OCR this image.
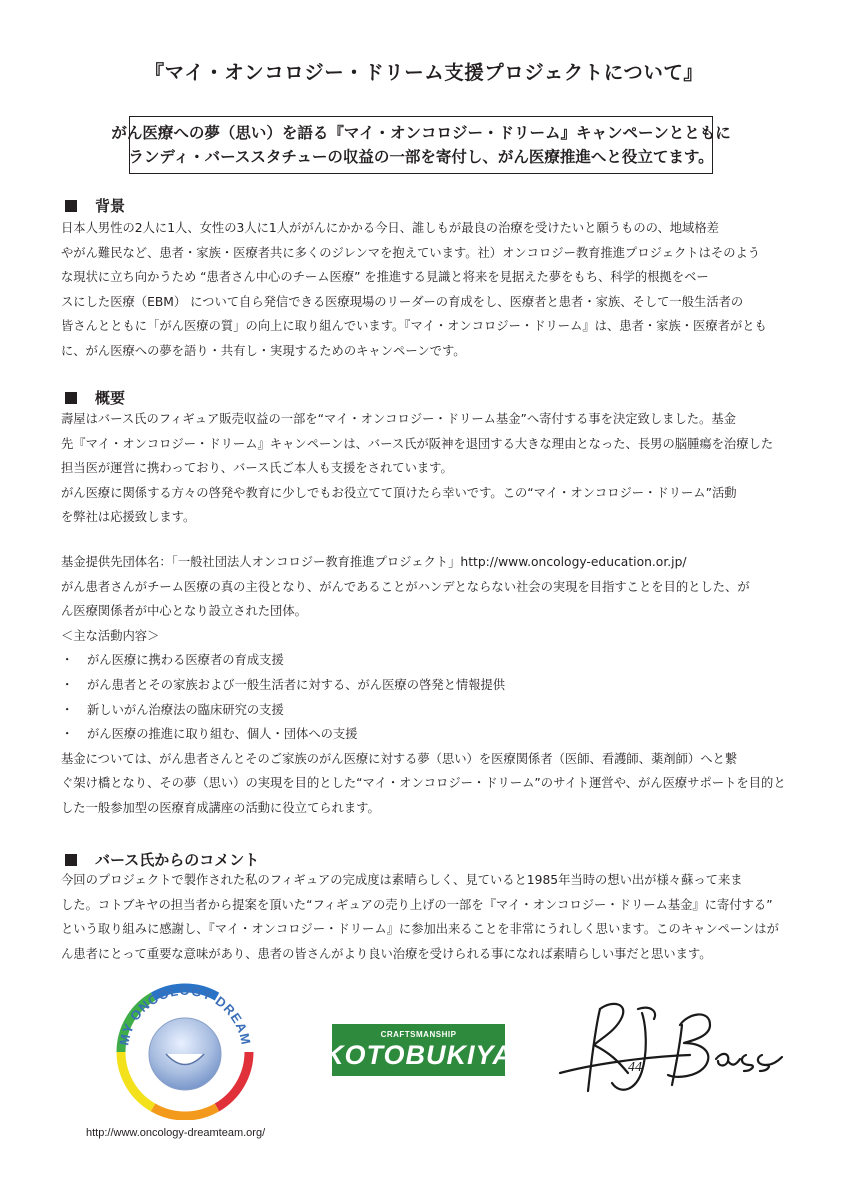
『マイ・オンコロジー・ドリーム支援プロジェクトについて』
がん医療への夢（思い）を語る『マイ・オンコロジー・ドリーム』キャンペーンとともに
ランディ・バーススタチューの収益の一部を寄付し、がん医療推進へと役立てます。
背景
日本人男性の2人に1人、女性の3人に1人ががんにかかる今日、誰しもが最良の治療を受けたいと願うものの、地域格差
やがん難民など、患者・家族・医療者共に多くのジレンマを抱えています。社）オンコロジー教育推進プロジェクトはそのよう
な現状に立ち向かうため “患者さん中心のチーム医療” を推進する見識と将来を見据えた夢をもち、科学的根拠をベー
スにした医療（EBM） について自ら発信できる医療現場のリーダーの育成をし、医療者と患者・家族、そして一般生活者の
皆さんとともに「がん医療の質」の向上に取り組んでいます。『マイ・オンコロジー・ドリーム』は、患者・家族・医療者がとも
に、がん医療への夢を語り・共有し・実現するためのキャンペーンです。
概要
壽屋はバース氏のフィギュア販売収益の一部を“マイ・オンコロジー・ドリーム基金”へ寄付する事を決定致しました。基金
先『マイ・オンコロジー・ドリーム』キャンペーンは、バース氏が阪神を退団する大きな理由となった、長男の脳腫瘍を治療した
担当医が運営に携わっており、バース氏ご本人も支援をされています。
がん医療に関係する方々の啓発や教育に少しでもお役立てて頂けたら幸いです。この“マイ・オンコロジー・ドリーム”活動
を弊社は応援致します。
基金提供先団体名：「一般社団法人オンコロジー教育推進プロジェクト」http://www.oncology-education.or.jp/
がん患者さんがチーム医療の真の主役となり、がんであることがハンデとならない社会の実現を目指すことを目的とした、が
ん医療関係者が中心となり設立された団体。
＜主な活動内容＞
・	がん医療に携わる医療者の育成支援
・	がん患者とその家族および一般生活者に対する、がん医療の啓発と情報提供
・	新しいがん治療法の臨床研究の支援
・	がん医療の推進に取り組む、個人・団体への支援
基金については、がん患者さんとそのご家族のがん医療に対する夢（思い）を医療関係者（医師、看護師、薬剤師）へと繋
ぐ架け橋となり、その夢（思い）の実現を目的とした“マイ・オンコロジー・ドリーム”のサイト運営や、がん医療サポートを目的と
した一般参加型の医療育成講座の活動に役立てられます。
バース氏からのコメント
今回のプロジェクトで製作された私のフィギュアの完成度は素晴らしく、見ていると1985年当時の想い出が様々蘇って来ま
した。コトブキヤの担当者から提案を頂いた“フィギュアの売り上げの一部を『マイ・オンコロジー・ドリーム基金』に寄付する”
という取り組みに感謝し、『マイ・オンコロジー・ドリーム』に参加出来ることを非常にうれしく思います。このキャンペーンはが
ん患者にとって重要な意味があり、患者の皆さんがより良い治療を受けられる事になれば素晴らしい事だと思います。
MY ONCOLOGY DREAM
http://www.oncology-dreamteam.org/
CRAFTSMANSHIP
KOTOBUKIYA	44
